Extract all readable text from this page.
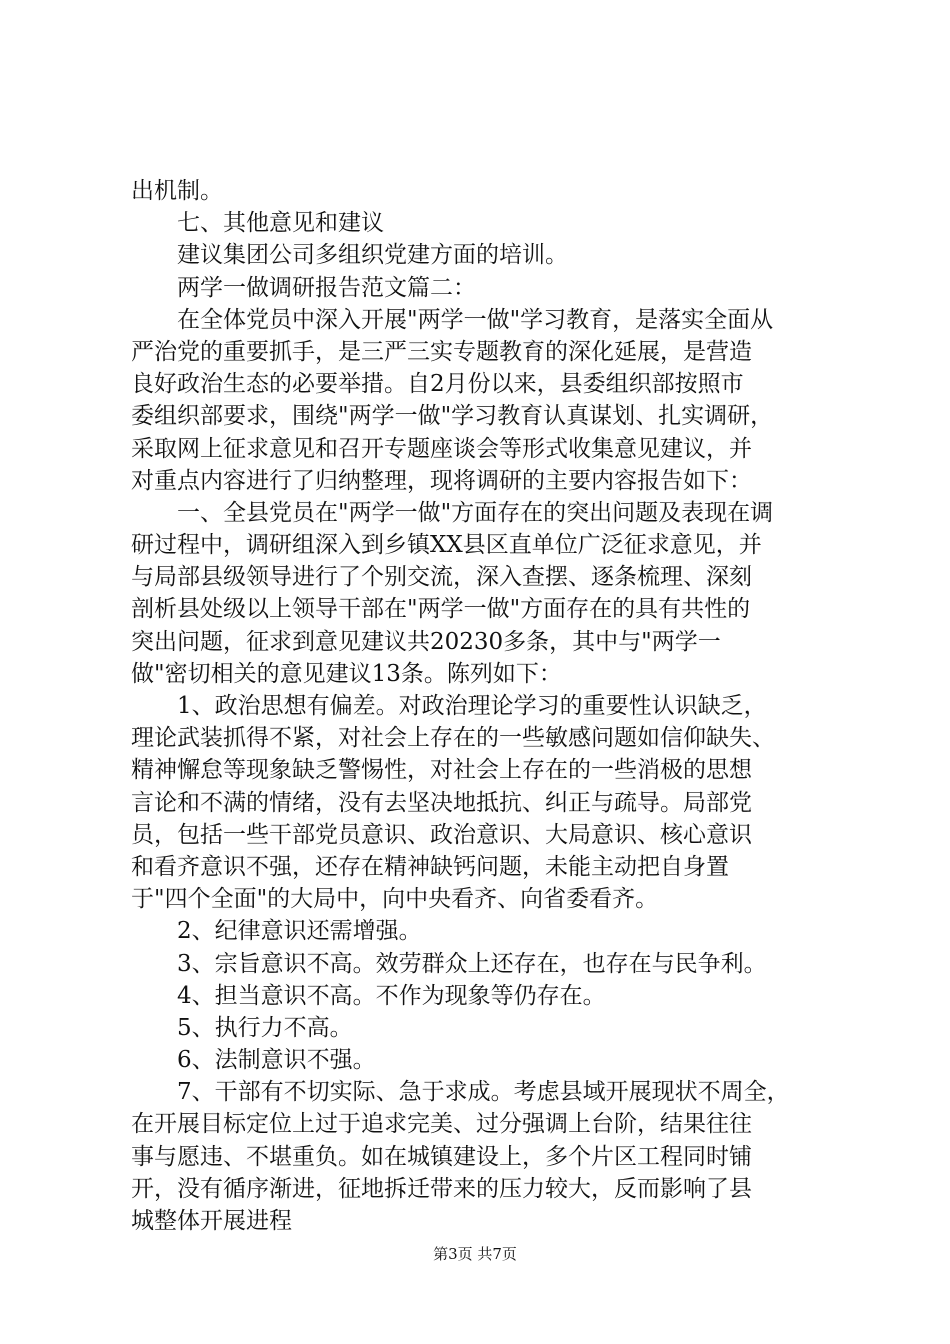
出机制。
七、其他意见和建议
建议集团公司多组织党建方面的培训。
两学一做调研报告范文篇二：
在全体党员中深入开展"两学一做"学习教育，是落实全面从
严治党的重要抓手，是三严三实专题教育的深化延展，是营造
良好政治生态的必要举措。自2月份以来，县委组织部按照市
委组织部要求，围绕"两学一做"学习教育认真谋划、扎实调研，
采取网上征求意见和召开专题座谈会等形式收集意见建议，并
对重点内容进行了归纳整理，现将调研的主要内容报告如下：
一、全县党员在"两学一做"方面存在的突出问题及表现在调
研过程中，调研组深入到乡镇XX县区直单位广泛征求意见，并
与局部县级领导进行了个别交流，深入查摆、逐条梳理、深刻
剖析县处级以上领导干部在"两学一做"方面存在的具有共性的
突出问题，征求到意见建议共20230多条，其中与"两学一
做"密切相关的意见建议13条。陈列如下：
1、政治思想有偏差。对政治理论学习的重要性认识缺乏，
理论武装抓得不紧，对社会上存在的一些敏感问题如信仰缺失、
精神懈怠等现象缺乏警惕性，对社会上存在的一些消极的思想
言论和不满的情绪，没有去坚决地抵抗、纠正与疏导。局部党
员，包括一些干部党员意识、政治意识、大局意识、核心意识
和看齐意识不强，还存在精神缺钙问题，未能主动把自身置
于"四个全面"的大局中，向中央看齐、向省委看齐。
2、纪律意识还需增强。
3、宗旨意识不高。效劳群众上还存在，也存在与民争利。
4、担当意识不高。不作为现象等仍存在。
5、执行力不高。
6、法制意识不强。
7、干部有不切实际、急于求成。考虑县域开展现状不周全，
在开展目标定位上过于追求完美、过分强调上台阶，结果往往
事与愿违、不堪重负。如在城镇建设上，多个片区工程同时铺
开，没有循序渐进，征地拆迁带来的压力较大，反而影响了县
城整体开展进程
第3页 共7页
